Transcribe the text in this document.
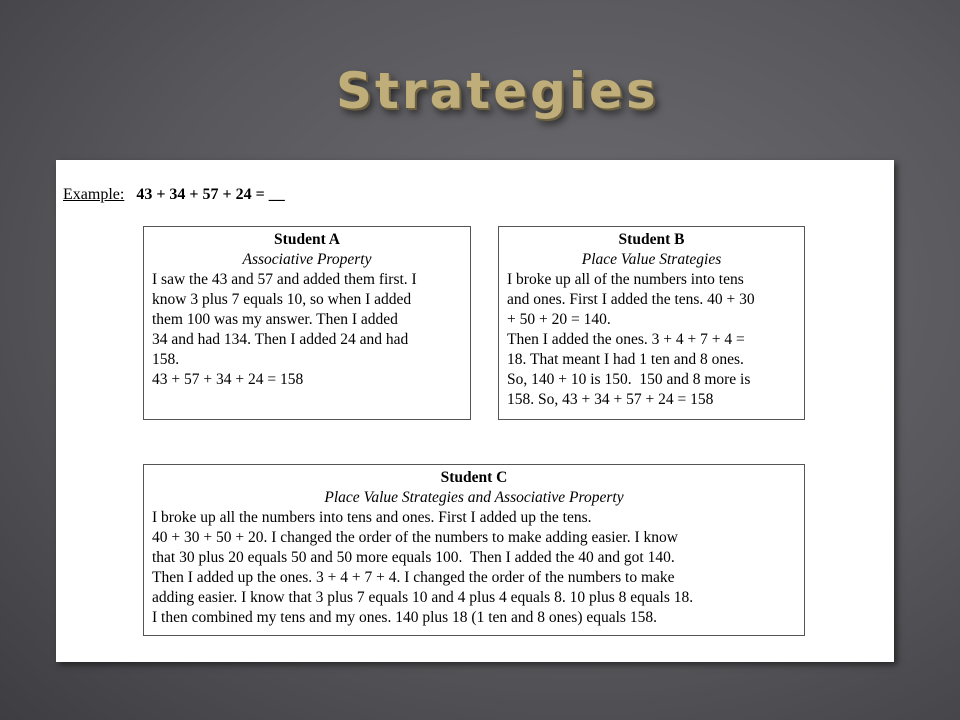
Strategies
Example: 43 + 34 + 57 + 24 = __
Student A
Associative Property
I saw the 43 and 57 and added them first. I
know 3 plus 7 equals 10, so when I added
them 100 was my answer. Then I added
34 and had 134. Then I added 24 and had
158.
43 + 57 + 34 + 24 = 158
Student B
Place Value Strategies
I broke up all of the numbers into tens
and ones. First I added the tens. 40 + 30
+ 50 + 20 = 140.
Then I added the ones. 3 + 4 + 7 + 4 =
18. That meant I had 1 ten and 8 ones.
So, 140 + 10 is 150.  150 and 8 more is
158. So, 43 + 34 + 57 + 24 = 158
Student C
Place Value Strategies and Associative Property
I broke up all the numbers into tens and ones. First I added up the tens.
40 + 30 + 50 + 20. I changed the order of the numbers to make adding easier. I know
that 30 plus 20 equals 50 and 50 more equals 100.  Then I added the 40 and got 140.
Then I added up the ones. 3 + 4 + 7 + 4. I changed the order of the numbers to make
adding easier. I know that 3 plus 7 equals 10 and 4 plus 4 equals 8. 10 plus 8 equals 18.
I then combined my tens and my ones. 140 plus 18 (1 ten and 8 ones) equals 158.
